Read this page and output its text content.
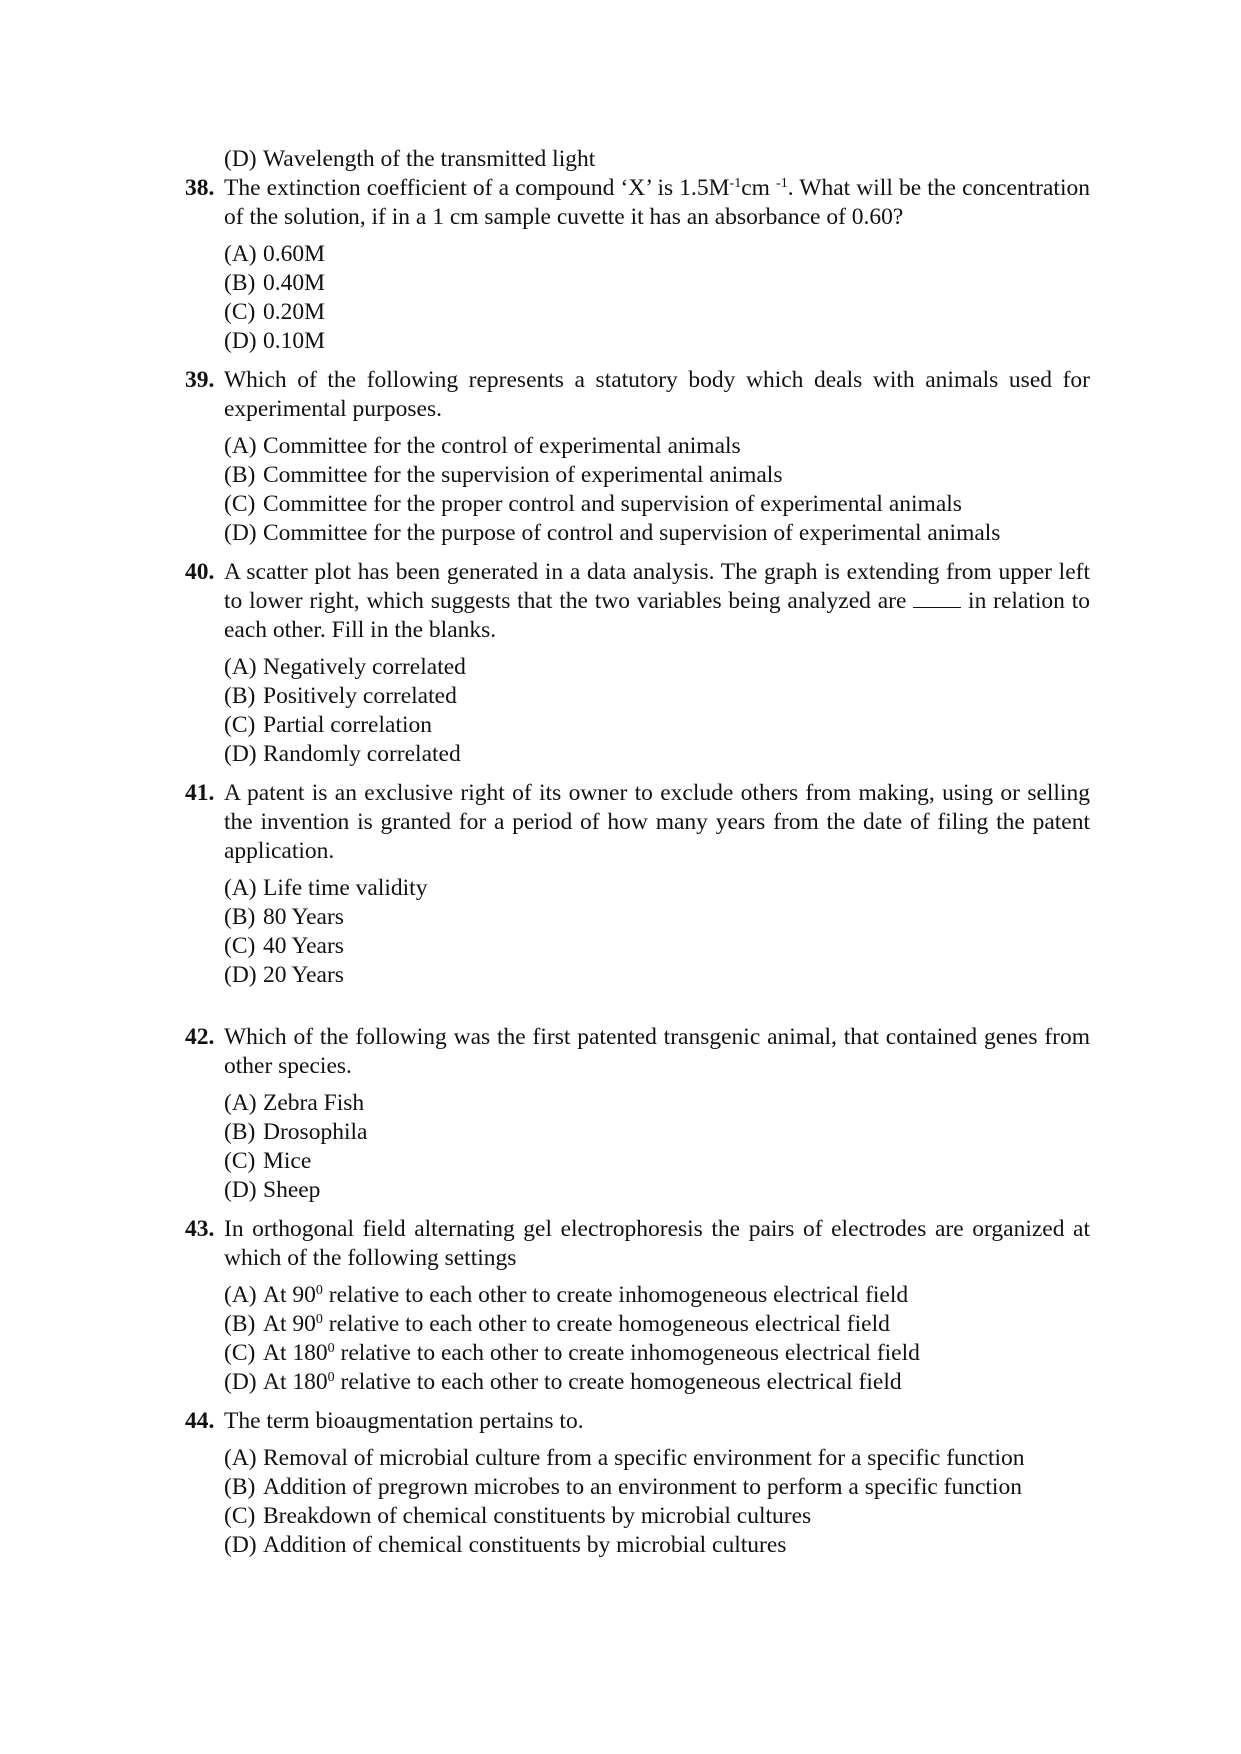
(D) Wavelength of the transmitted light
38. The extinction coefficient of a compound ‘X’ is $1.5M^{-1}cm$ $^{-1}$. What will be the concentration of the solution, if in a 1 cm sample cuvette it has an absorbance of 0.60?
(A) 0.60M
(B) 0.40M
(C) 0.20M
(D) 0.10M
39. Which of the following represents a statutory body which deals with animals used for experimental purposes.
(A) Committee for the control of experimental animals
(B) Committee for the supervision of experimental animals
(C) Committee for the proper control and supervision of experimental animals
(D) Committee for the purpose of control and supervision of experimental animals
40. A scatter plot has been generated in a data analysis. The graph is extending from upper left to lower right, which suggests that the two variables being analyzed are	in relation to each other. Fill in the blanks.
(A) Negatively correlated
(B) Positively correlated
(C) Partial correlation
(D) Randomly correlated
41. A patent is an exclusive right of its owner to exclude others from making, using or selling the invention is granted for a period of how many years from the date of filing the patent application.
(A) Life time validity
(B) 80 Years
(C) 40 Years
(D) 20 Years
42. Which of the following was the first patented transgenic animal, that contained genes from other species.
(A) Zebra Fish
(B) Drosophila
(C) Mice
(D) Sheep
43. In orthogonal field alternating gel electrophoresis the pairs of electrodes are organized at which of the following settings
(A) At $90^0$ relative to each other to create inhomogeneous electrical field
(B) At $90^0$ relative to each other to create homogeneous electrical field
(C) At $180^0$ relative to each other to create inhomogeneous electrical field
(D) At $180^0$ relative to each other to create homogeneous electrical field
44. The term bioaugmentation pertains to.
(A) Removal of microbial culture from a specific environment for a specific function
(B) Addition of pregrown microbes to an environment to perform a specific function
(C) Breakdown of chemical constituents by microbial cultures
(D) Addition of chemical constituents by microbial cultures
